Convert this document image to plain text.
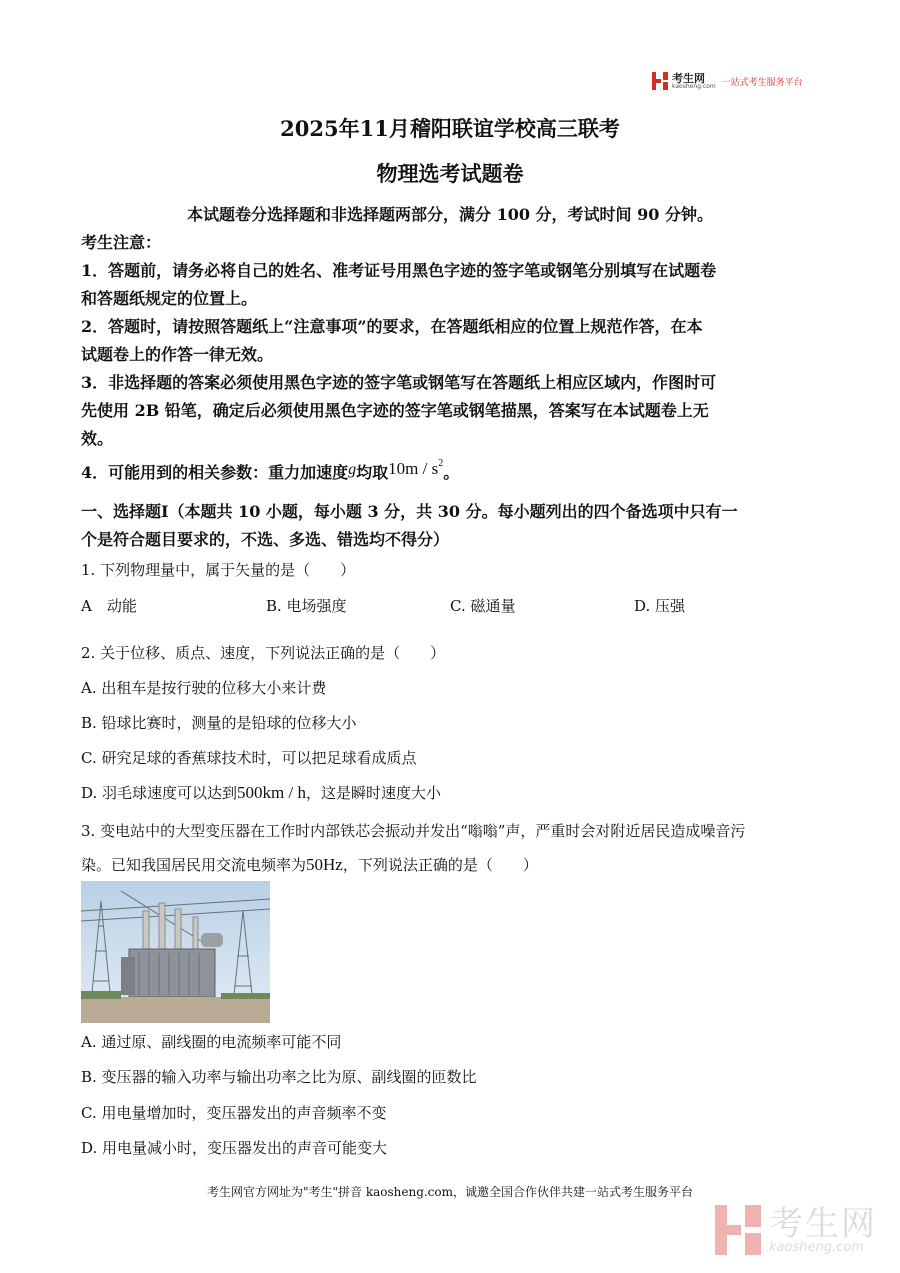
考生网
kaosheng.com 一站式考生服务平台
2025年11月稽阳联谊学校高三联考
物理选考试题卷
本试题卷分选择题和非选择题两部分，满分 100 分，考试时间 90 分钟。
考生注意：
1．答题前，请务必将自己的姓名、准考证号用黑色字迹的签字笔或钢笔分别填写在试题卷
和答题纸规定的位置上。
2．答题时，请按照答题纸上“注意事项”的要求，在答题纸相应的位置上规范作答，在本
试题卷上的作答一律无效。
3．非选择题的答案必须使用黑色字迹的签字笔或钢笔写在答题纸上相应区域内，作图时可
先使用 2B 铅笔，确定后必须使用黑色字迹的签字笔或钢笔描黑，答案写在本试题卷上无
效。
4．可能用到的相关参数：重力加速度g均取$10m / s^2$。
一、选择题Ⅰ（本题共 10 小题，每小题 3 分，共 30 分。每小题列出的四个备选项中只有一
个是符合题目要求的，不选、多选、错选均不得分）
1. 下列物理量中，属于矢量的是（　　）
A　动能	B. 电场强度	C. 磁通量	D. 压强
2. 关于位移、质点、速度，下列说法正确的是（　　）
A. 出租车是按行驶的位移大小来计费
B. 铅球比赛时，测量的是铅球的位移大小
C. 研究足球的香蕉球技术时，可以把足球看成质点
D. 羽毛球速度可以达到500km / h，这是瞬时速度大小
3. 变电站中的大型变压器在工作时内部铁芯会振动并发出“嗡嗡”声，严重时会对附近居民造成噪音污
染。已知我国居民用交流电频率为50Hz，下列说法正确的是（　　）
A. 通过原、副线圈的电流频率可能不同
B. 变压器的输入功率与输出功率之比为原、副线圈的匝数比
C. 用电量增加时，变压器发出的声音频率不变
D. 用电量减小时，变压器发出的声音可能变大
考生网官方网址为"考生"拼音 kaosheng.com，诚邀全国合作伙伴共建一站式考生服务平台
考生网
kaosheng.com
